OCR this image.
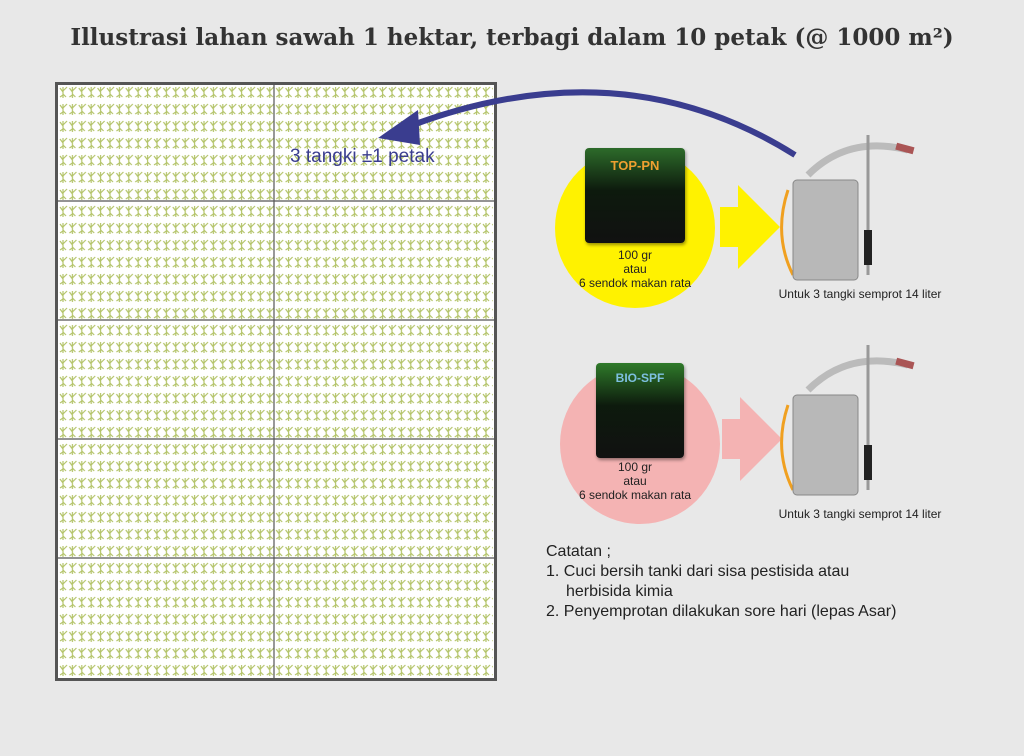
Illustrasi lahan sawah 1 hektar, terbagi dalam 10 petak (@ 1000 m²)
3 tangki ±1 petak	TOP-PN
100 gr
atau
6 sendok makan rata
Untuk 3 tangki semprot 14 liter
BIO-SPF
100 gr
atau
6 sendok makan rata
Untuk 3 tangki semprot 14 liter
Catatan ;
1. Cuci bersih tanki dari sisa pestisida atau
herbisida kimia
2. Penyemprotan dilakukan sore hari (lepas Asar)
